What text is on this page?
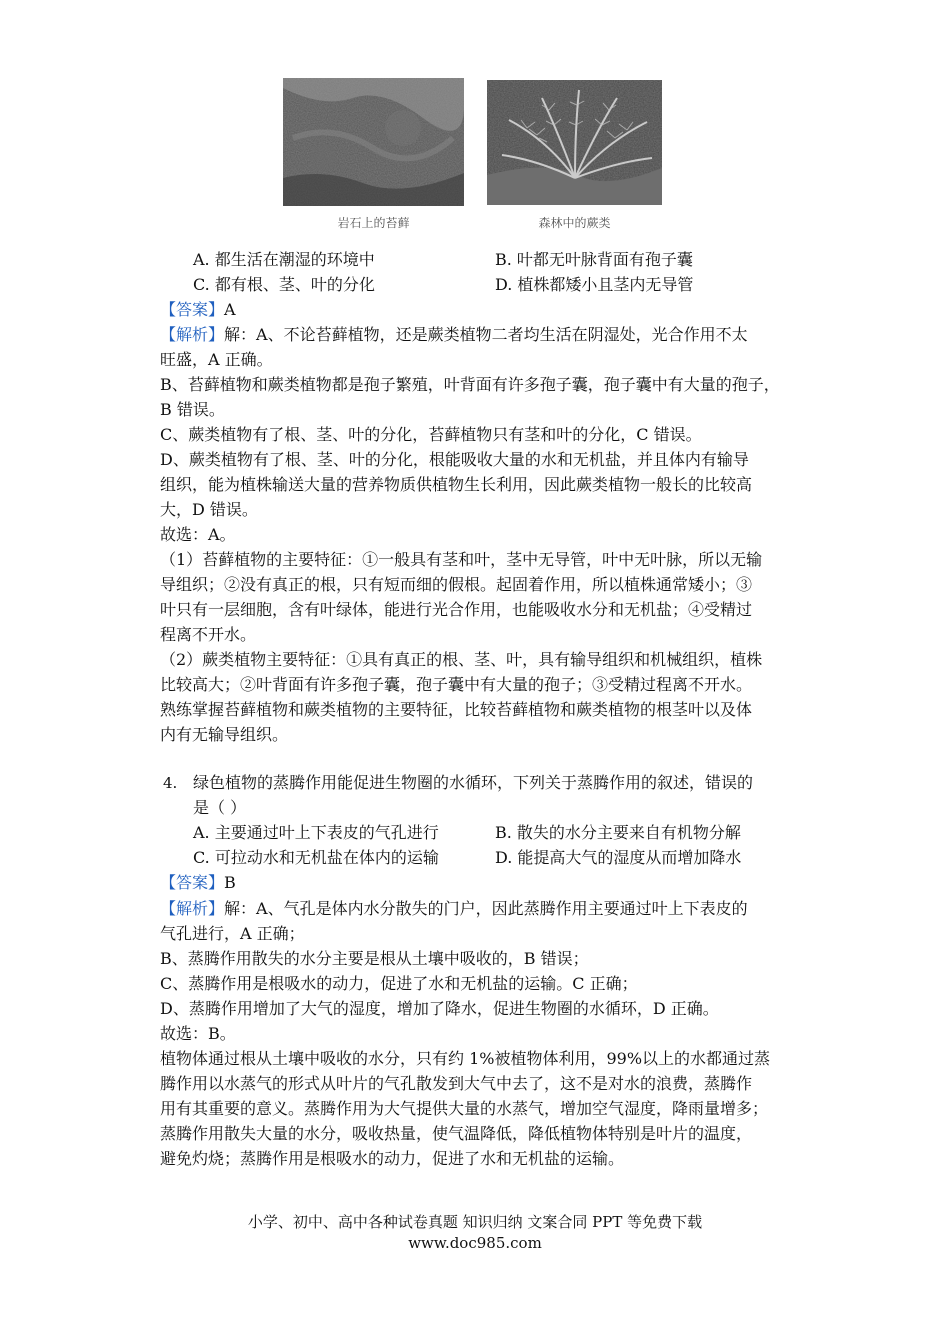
岩石上的苔藓	森林中的蕨类
A. 都生活在潮湿的环境中	B. 叶都无叶脉背面有孢子囊
C. 都有根、茎、叶的分化	D. 植株都矮小且茎内无导管
【答案】A
【解析】解：A、不论苔藓植物，还是蕨类植物二者均生活在阴湿处，光合作用不太
旺盛，A 正确。
B、苔藓植物和蕨类植物都是孢子繁殖，叶背面有许多孢子囊，孢子囊中有大量的孢子，
B 错误。
C、蕨类植物有了根、茎、叶的分化，苔藓植物只有茎和叶的分化，C 错误。
D、蕨类植物有了根、茎、叶的分化，根能吸收大量的水和无机盐，并且体内有输导
组织，能为植株输送大量的营养物质供植物生长利用，因此蕨类植物一般长的比较高
大，D 错误。
故选：A。
（1）苔藓植物的主要特征：①一般具有茎和叶，茎中无导管，叶中无叶脉，所以无输
导组织；②没有真正的根，只有短而细的假根。起固着作用，所以植株通常矮小；③
叶只有一层细胞，含有叶绿体，能进行光合作用，也能吸收水分和无机盐；④受精过
程离不开水。
（2）蕨类植物主要特征：①具有真正的根、茎、叶，具有输导组织和机械组织，植株
比较高大；②叶背面有许多孢子囊，孢子囊中有大量的孢子；③受精过程离不开水。
熟练掌握苔藓植物和蕨类植物的主要特征，比较苔藓植物和蕨类植物的根茎叶以及体
内有无输导组织。
4. 绿色植物的蒸腾作用能促进生物圈的水循环，下列关于蒸腾作用的叙述，错误的
是（ ）
A. 主要通过叶上下表皮的气孔进行	B. 散失的水分主要来自有机物分解
C. 可拉动水和无机盐在体内的运输	D. 能提高大气的湿度从而增加降水
【答案】B
【解析】解：A、气孔是体内水分散失的门户，因此蒸腾作用主要通过叶上下表皮的
气孔进行，A 正确；
B、蒸腾作用散失的水分主要是根从土壤中吸收的，B 错误；
C、蒸腾作用是根吸水的动力，促进了水和无机盐的运输。C 正确；
D、蒸腾作用增加了大气的湿度，增加了降水，促进生物圈的水循环，D 正确。
故选：B。
植物体通过根从土壤中吸收的水分，只有约 1%被植物体利用，99%以上的水都通过蒸
腾作用以水蒸气的形式从叶片的气孔散发到大气中去了，这不是对水的浪费，蒸腾作
用有其重要的意义。蒸腾作用为大气提供大量的水蒸气，增加空气湿度，降雨量增多；
蒸腾作用散失大量的水分，吸收热量，使气温降低，降低植物体特别是叶片的温度，
避免灼烧；蒸腾作用是根吸水的动力，促进了水和无机盐的运输。
小学、初中、高中各种试卷真题 知识归纳 文案合同 PPT 等免费下载
www.doc985.com
